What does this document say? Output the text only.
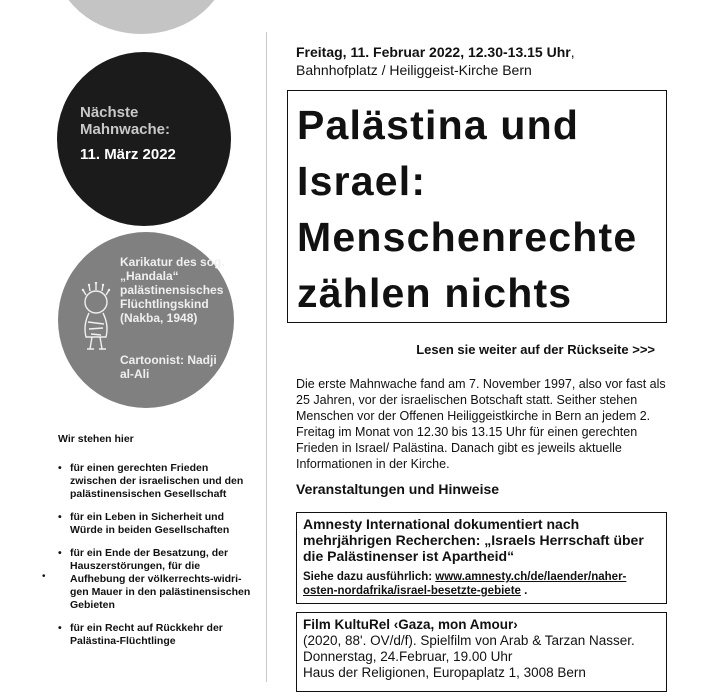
Nächste Mahnwache:
11. März 2022
Karikatur des sog. „Handala“ palästinensisches Flüchtlingskind (Nakba, 1948)
Cartoonist: Nadji al-Ali
Wir stehen hier
• für einen gerechten Frieden zwischen der israelischen und den palästinensischen Gesellschaft
• für ein Leben in Sicherheit und Würde in beiden Gesellschaften
• für ein Ende der Besatzung, der Hauszerstörungen, für die Aufhebung der völkerrechts-widri-gen Mauer in den palästinensischen Gebieten
• für ein Recht auf Rückkehr der Palästina-Flüchtlinge
•
Freitag, 11. Februar 2022, 12.30-13.15 Uhr,
Bahnhofplatz / Heiliggeist-Kirche Bern
Palästina und Israel: Menschenrechte zählen nichts
Lesen sie weiter auf der Rückseite >>>
Die erste Mahnwache fand am 7. November 1997, also vor fast als 25 Jahren, vor der israelischen Botschaft statt. Seither stehen Menschen vor der Offenen Heiliggeistkirche in Bern an jedem 2. Freitag im Monat von 12.30 bis 13.15 Uhr für einen gerechten Frieden in Israel/ Palästina. Danach gibt es jeweils aktuelle Informationen in der Kirche.
Veranstaltungen und Hinweise

Amnesty International dokumentiert nach mehrjährigen Recherchen: „Israels Herrschaft über die Palästinenser ist Apartheid“

Siehe dazu ausführlich: www.amnesty.ch/de/laender/naher-osten-nordafrika/israel-besetzte-gebiete .
Film KultuRel ‹Gaza, mon Amour›
(2020, 88'. OV/d/f). Spielfilm von Arab & Tarzan Nasser.
Donnerstag, 24.Februar, 19.00 Uhr
Haus der Religionen, Europaplatz 1, 3008 Bern
